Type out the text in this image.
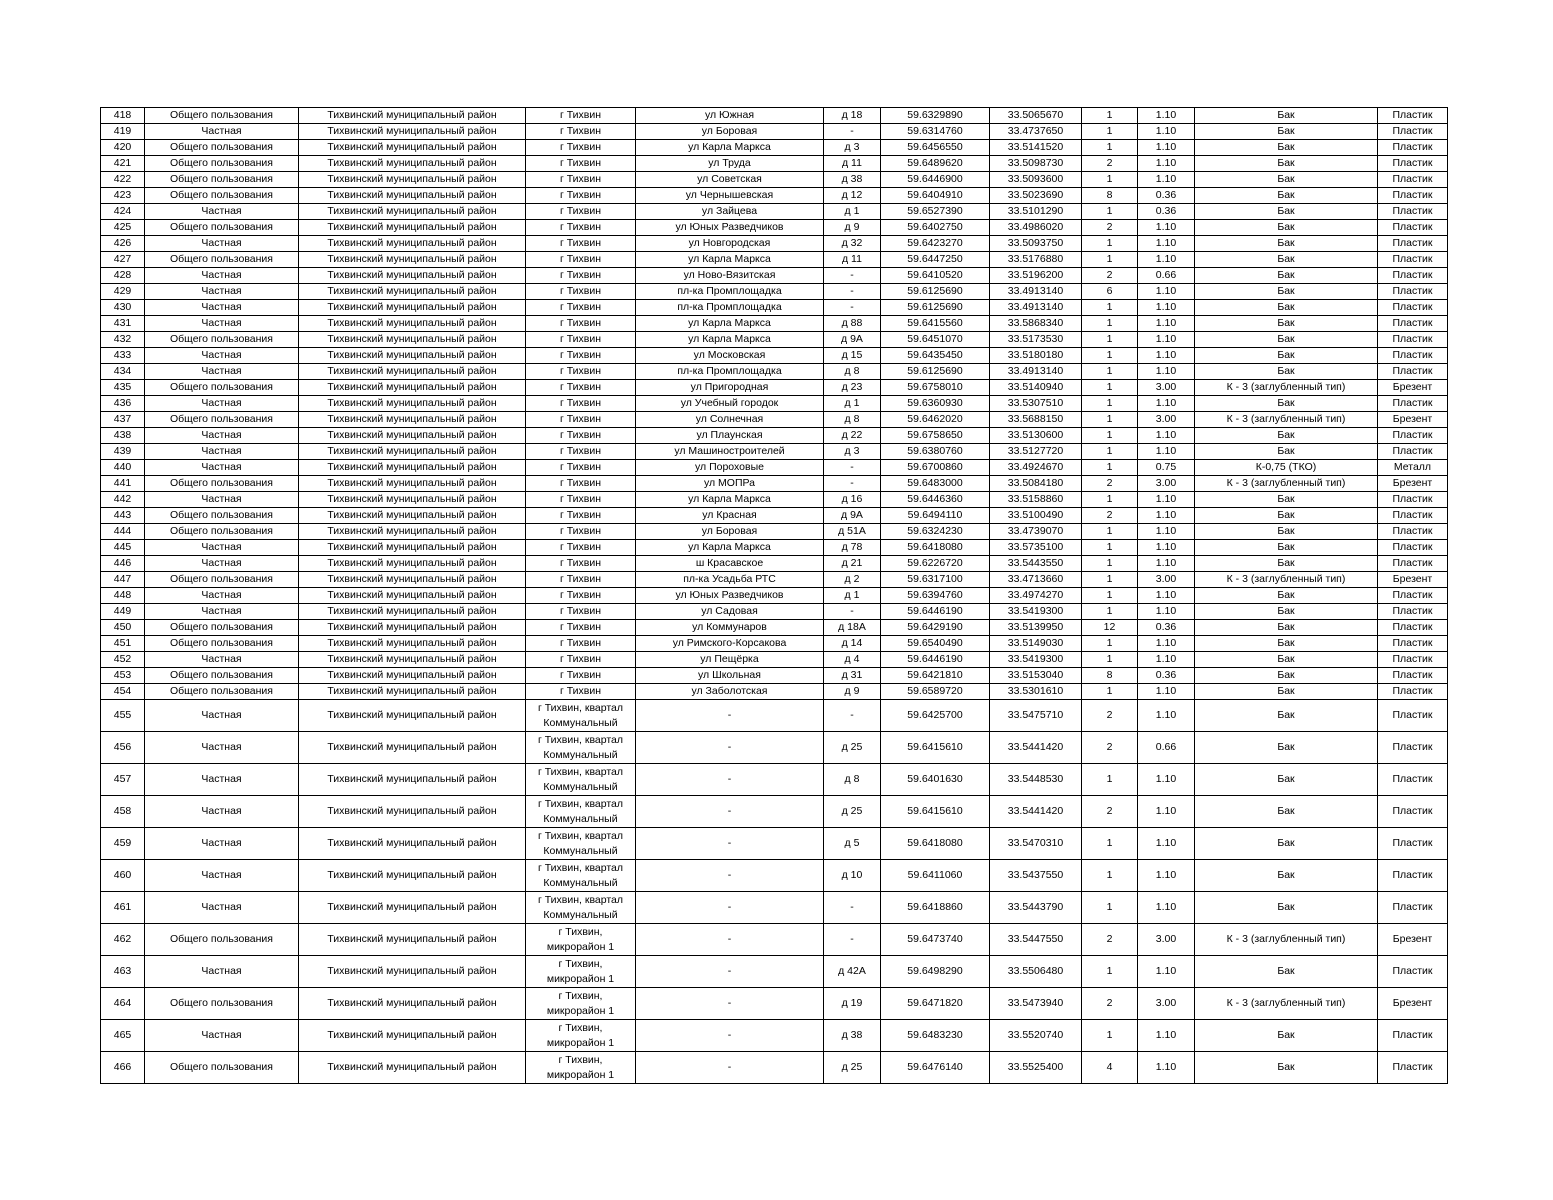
418	Общего пользования	Тихвинский муниципальный район	г Тихвин	ул Южная	д 18	59.6329890	33.5065670	1	1.10	Бак	Пластик
419	Частная	Тихвинский муниципальный район	г Тихвин	ул Боровая	-	59.6314760	33.4737650	1	1.10	Бак	Пластик
420	Общего пользования	Тихвинский муниципальный район	г Тихвин	ул Карла Маркса	д 3	59.6456550	33.5141520	1	1.10	Бак	Пластик
421	Общего пользования	Тихвинский муниципальный район	г Тихвин	ул Труда	д 11	59.6489620	33.5098730	2	1.10	Бак	Пластик
422	Общего пользования	Тихвинский муниципальный район	г Тихвин	ул Советская	д 38	59.6446900	33.5093600	1	1.10	Бак	Пластик
423	Общего пользования	Тихвинский муниципальный район	г Тихвин	ул Чернышевская	д 12	59.6404910	33.5023690	8	0.36	Бак	Пластик
424	Частная	Тихвинский муниципальный район	г Тихвин	ул Зайцева	д 1	59.6527390	33.5101290	1	0.36	Бак	Пластик
425	Общего пользования	Тихвинский муниципальный район	г Тихвин	ул Юных Разведчиков	д 9	59.6402750	33.4986020	2	1.10	Бак	Пластик
426	Частная	Тихвинский муниципальный район	г Тихвин	ул Новгородская	д 32	59.6423270	33.5093750	1	1.10	Бак	Пластик
427	Общего пользования	Тихвинский муниципальный район	г Тихвин	ул Карла Маркса	д 11	59.6447250	33.5176880	1	1.10	Бак	Пластик
428	Частная	Тихвинский муниципальный район	г Тихвин	ул Ново-Вязитская	-	59.6410520	33.5196200	2	0.66	Бак	Пластик
429	Частная	Тихвинский муниципальный район	г Тихвин	пл-ка Промплощадка	-	59.6125690	33.4913140	6	1.10	Бак	Пластик
430	Частная	Тихвинский муниципальный район	г Тихвин	пл-ка Промплощадка	-	59.6125690	33.4913140	1	1.10	Бак	Пластик
431	Частная	Тихвинский муниципальный район	г Тихвин	ул Карла Маркса	д 88	59.6415560	33.5868340	1	1.10	Бак	Пластик
432	Общего пользования	Тихвинский муниципальный район	г Тихвин	ул Карла Маркса	д 9А	59.6451070	33.5173530	1	1.10	Бак	Пластик
433	Частная	Тихвинский муниципальный район	г Тихвин	ул Московская	д 15	59.6435450	33.5180180	1	1.10	Бак	Пластик
434	Частная	Тихвинский муниципальный район	г Тихвин	пл-ка Промплощадка	д 8	59.6125690	33.4913140	1	1.10	Бак	Пластик
435	Общего пользования	Тихвинский муниципальный район	г Тихвин	ул Пригородная	д 23	59.6758010	33.5140940	1	3.00	К - 3 (заглубленный тип)	Брезент
436	Частная	Тихвинский муниципальный район	г Тихвин	ул Учебный городок	д 1	59.6360930	33.5307510	1	1.10	Бак	Пластик
437	Общего пользования	Тихвинский муниципальный район	г Тихвин	ул Солнечная	д 8	59.6462020	33.5688150	1	3.00	К - 3 (заглубленный тип)	Брезент
438	Частная	Тихвинский муниципальный район	г Тихвин	ул Плаунская	д 22	59.6758650	33.5130600	1	1.10	Бак	Пластик
439	Частная	Тихвинский муниципальный район	г Тихвин	ул Машиностроителей	д 3	59.6380760	33.5127720	1	1.10	Бак	Пластик
440	Частная	Тихвинский муниципальный район	г Тихвин	ул Пороховые	-	59.6700860	33.4924670	1	0.75	К-0,75 (ТКО)	Металл
441	Общего пользования	Тихвинский муниципальный район	г Тихвин	ул МОПРа	-	59.6483000	33.5084180	2	3.00	К - 3 (заглубленный тип)	Брезент
442	Частная	Тихвинский муниципальный район	г Тихвин	ул Карла Маркса	д 16	59.6446360	33.5158860	1	1.10	Бак	Пластик
443	Общего пользования	Тихвинский муниципальный район	г Тихвин	ул Красная	д 9А	59.6494110	33.5100490	2	1.10	Бак	Пластик
444	Общего пользования	Тихвинский муниципальный район	г Тихвин	ул Боровая	д 51А	59.6324230	33.4739070	1	1.10	Бак	Пластик
445	Частная	Тихвинский муниципальный район	г Тихвин	ул Карла Маркса	д 78	59.6418080	33.5735100	1	1.10	Бак	Пластик
446	Частная	Тихвинский муниципальный район	г Тихвин	ш Красавское	д 21	59.6226720	33.5443550	1	1.10	Бак	Пластик
447	Общего пользования	Тихвинский муниципальный район	г Тихвин	пл-ка Усадьба РТС	д 2	59.6317100	33.4713660	1	3.00	К - 3 (заглубленный тип)	Брезент
448	Частная	Тихвинский муниципальный район	г Тихвин	ул Юных Разведчиков	д 1	59.6394760	33.4974270	1	1.10	Бак	Пластик
449	Частная	Тихвинский муниципальный район	г Тихвин	ул Садовая	-	59.6446190	33.5419300	1	1.10	Бак	Пластик
450	Общего пользования	Тихвинский муниципальный район	г Тихвин	ул Коммунаров	д 18А	59.6429190	33.5139950	12	0.36	Бак	Пластик
451	Общего пользования	Тихвинский муниципальный район	г Тихвин	ул Римского-Корсакова	д 14	59.6540490	33.5149030	1	1.10	Бак	Пластик
452	Частная	Тихвинский муниципальный район	г Тихвин	ул Пещёрка	д 4	59.6446190	33.5419300	1	1.10	Бак	Пластик
453	Общего пользования	Тихвинский муниципальный район	г Тихвин	ул Школьная	д 31	59.6421810	33.5153040	8	0.36	Бак	Пластик
454	Общего пользования	Тихвинский муниципальный район	г Тихвин	ул Заболотская	д 9	59.6589720	33.5301610	1	1.10	Бак	Пластик
455	Частная	Тихвинский муниципальный район	г Тихвин, квартал Коммунальный	-	-	59.6425700	33.5475710	2	1.10	Бак	Пластик
456	Частная	Тихвинский муниципальный район	г Тихвин, квартал Коммунальный	-	д 25	59.6415610	33.5441420	2	0.66	Бак	Пластик
457	Частная	Тихвинский муниципальный район	г Тихвин, квартал Коммунальный	-	д 8	59.6401630	33.5448530	1	1.10	Бак	Пластик
458	Частная	Тихвинский муниципальный район	г Тихвин, квартал Коммунальный	-	д 25	59.6415610	33.5441420	2	1.10	Бак	Пластик
459	Частная	Тихвинский муниципальный район	г Тихвин, квартал Коммунальный	-	д 5	59.6418080	33.5470310	1	1.10	Бак	Пластик
460	Частная	Тихвинский муниципальный район	г Тихвин, квартал Коммунальный	-	д 10	59.6411060	33.5437550	1	1.10	Бак	Пластик
461	Частная	Тихвинский муниципальный район	г Тихвин, квартал Коммунальный	-	-	59.6418860	33.5443790	1	1.10	Бак	Пластик
462	Общего пользования	Тихвинский муниципальный район	г Тихвин, микрорайон 1	-	-	59.6473740	33.5447550	2	3.00	К - 3 (заглубленный тип)	Брезент
463	Частная	Тихвинский муниципальный район	г Тихвин, микрорайон 1	-	д 42А	59.6498290	33.5506480	1	1.10	Бак	Пластик
464	Общего пользования	Тихвинский муниципальный район	г Тихвин, микрорайон 1	-	д 19	59.6471820	33.5473940	2	3.00	К - 3 (заглубленный тип)	Брезент
465	Частная	Тихвинский муниципальный район	г Тихвин, микрорайон 1	-	д 38	59.6483230	33.5520740	1	1.10	Бак	Пластик
466	Общего пользования	Тихвинский муниципальный район	г Тихвин, микрорайон 1	-	д 25	59.6476140	33.5525400	4	1.10	Бак	Пластик
